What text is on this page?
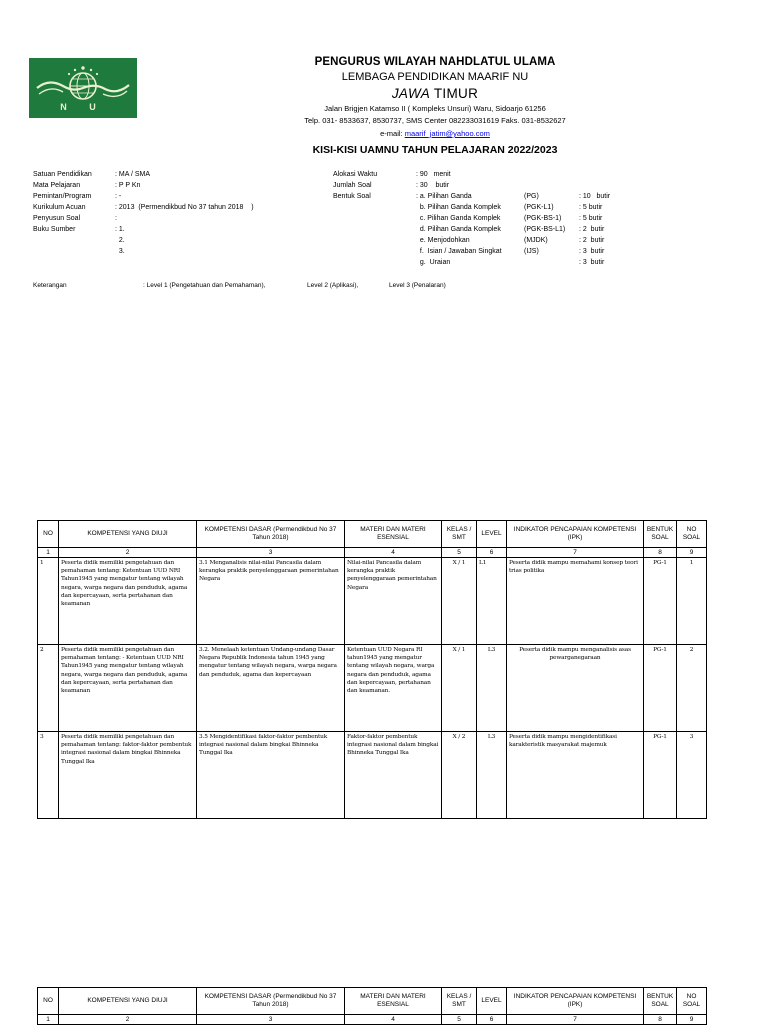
N U
PENGURUS WILAYAH NAHDLATUL ULAMA
LEMBAGA PENDIDIKAN MAARIF NU
JAWA TIMUR
Jalan Brigjen Katamso II ( Kompleks Unsuri) Waru, Sidoarjo 61256
Telp. 031- 8533637, 8530737, SMS Center 082233031619 Faks. 031-8532627
e-mail: maarif_jatim@yahoo.com
KISI-KISI UAMNU TAHUN PELAJARAN 2022/2023
Satuan Pendidikan	: MA / SMA
Mata Pelajaran	: P P Kn
Pemintan/Program	: -
Kurikulum Acuan	: 2013  (Permendikbud No 37 tahun 2018    )
Penyusun Soal	:
Buku Sumber	: 1.
2.
3.
Alokasi Waktu	: 90   menit
Jumlah Soal	: 30    butir
Bentuk Soal	: a. Pilihan Ganda	(PG)	: 10   butir
b. Pilihan Ganda Komplek	(PGK-L1)	: 5 butir
c. Pilihan Ganda Komplek	(PGK-BS-1)	: 5 butir
d. Pilihan Ganda Komplek	(PGK-BS-L1)	: 2  butir
e. Menjodohkan	(MJDK)	: 2  butir
f.  Isian / Jawaban Singkat	(IJS)	: 3  butir
g.  Uraian	: 3  butir
Keterangan	: Level 1 (Pengetahuan dan Pemahaman),	Level 2 (Aplikasi),	Level 3 (Penalaran)
NO	KOMPETENSI YANG DIUJI	KOMPETENSI DASAR (Permendikbud No 37 Tahun 2018)	MATERI DAN MATERI ESENSIAL	KELAS / SMT	LEVEL	INDIKATOR PENCAPAIAN KOMPETENSI (IPK)	BENTUK SOAL	NO SOAL
1	2	3	4	5	6	7	8	9
1	Peserta didik memiliki pengetahuan dan pemahaman tentang: Ketentuan UUD NRI Tahun1945 yang mengatur tentang wilayah negara, warga negara dan penduduk, agama dan kepercayaan, serta pertahanan dan keamanan	3.1 Menganalisis nilai-nilai Pancasila dalam kerangka praktik penyelenggaraan pemerintahan Negara	Nilai-nilai Pancasila dalam kerangka praktik penyelenggaraan pemerintahan Negara	X / 1	L1	Peserta didik mampu memahami konsep teori trias politika	PG-1	1
2	Peserta didik memiliki pengetahuan dan pemahaman tentang: - Ketentuan UUD NRI Tahun1945 yang mengatur tentang wilayah negara, warga negara dan penduduk, agama dan kepercayaan, serta pertahanan dan keamanan	3.2. Menelaah ketentuan Undang-undang Dasar Negara Republik Indonesia tahun 1945 yang mengatur tentang wilayah negara, warga negara dan penduduk, agama dan kepercayaan	Ketentuan UUD Negara RI tahun1945 yang mengatur tentang wilayah negara, warga negara dan penduduk, agama dan kepercayaan, pertahanan dan keamanan.	X / 1	L3	Peserta didik mampu menganalisis asas pewarganegaraan	PG-1	2
3	Peserta didik memiliki pengetahuan dan pemahaman tentang: faktor-faktor pembentuk integrasi nasional dalam bingkai Bhinneka Tunggal Ika	3.5 Mengidentifikasi faktor-faktor pembentuk integrasi nasional dalam bingkai Bhinneka Tunggal Ika	Faktor-faktor pembentuk integrasi nasional dalam bingkai Bhinneka Tunggal Ika	X / 2	L3	Peserta didik mampu mengidentifikasi karakteristik masyarakat majemuk	PG-1	3
NO	KOMPETENSI YANG DIUJI	KOMPETENSI DASAR (Permendikbud No 37 Tahun 2018)	MATERI DAN MATERI ESENSIAL	KELAS / SMT	LEVEL	INDIKATOR PENCAPAIAN KOMPETENSI (IPK)	BENTUK SOAL	NO SOAL
1	2	3	4	5	6	7	8	9
